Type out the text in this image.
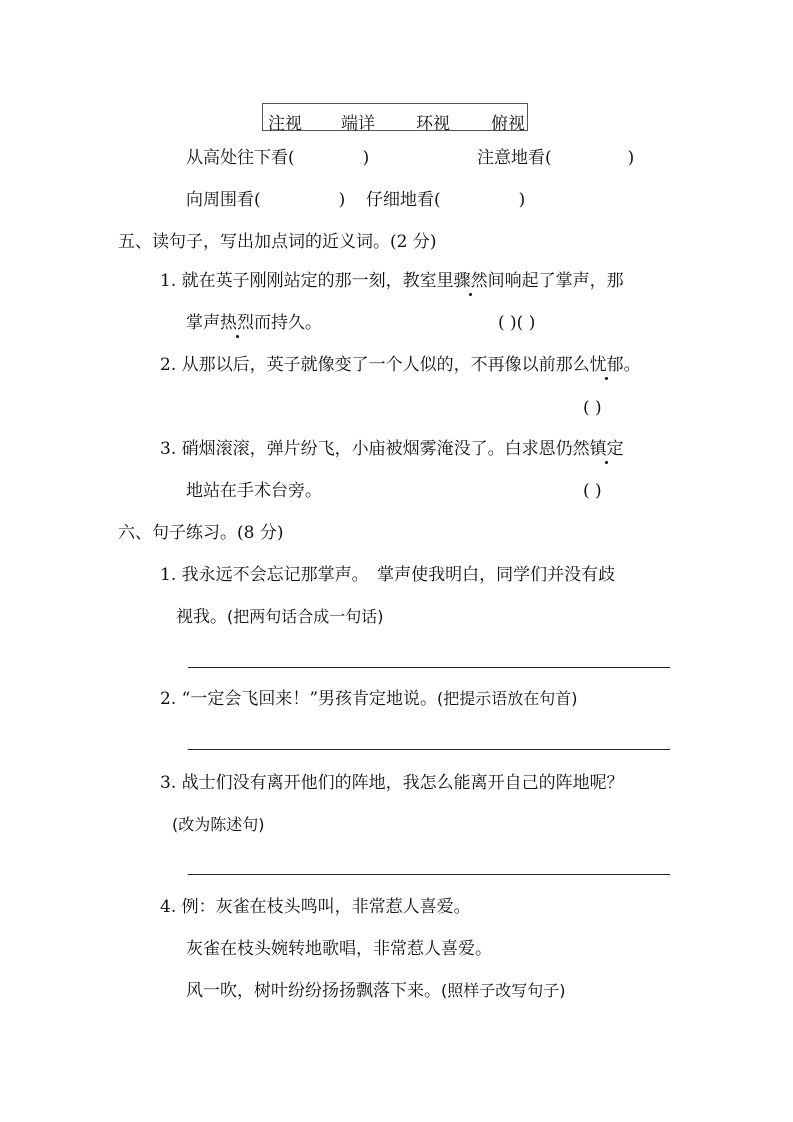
注视 端详 环视 俯视
从高处往下看(	)	注意地看(	)
向周围看(	) 仔细地看(	)
五、读句子，写出加点词的近义词。(2 分)
1. 就在英子刚刚站定的那一刻，教室里骤然间响起了掌声，那
掌声热烈而持久。	( )( )
2. 从那以后，英子就像变了一个人似的，不再像以前那么忧郁。
( )
3. 硝烟滚滚，弹片纷飞，小庙被烟雾淹没了。白求恩仍然镇定
地站在手术台旁。	( )
六、句子练习。(8 分)
1. 我永远不会忘记那掌声。　掌声使我明白，同学们并没有歧
视我。(把两句话合成一句话)
2. “一定会飞回来！”男孩肯定地说。(把提示语放在句首)
3. 战士们没有离开他们的阵地，我怎么能离开自己的阵地呢？
(改为陈述句)
4. 例：灰雀在枝头鸣叫，非常惹人喜爱。
灰雀在枝头婉转地歌唱，非常惹人喜爱。
风一吹，树叶纷纷扬扬飘落下来。(照样子改写句子)
